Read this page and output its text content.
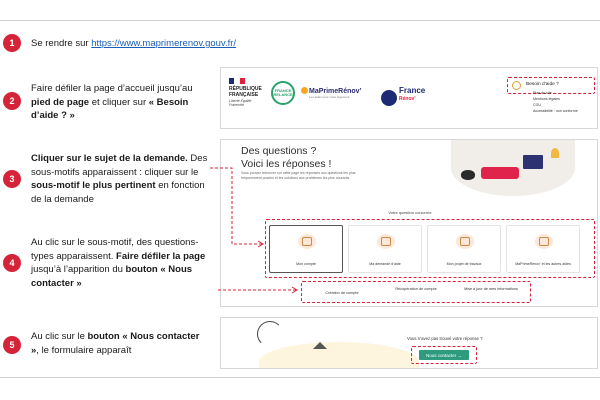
1	Se rendre sur https://www.maprimerenov.gouv.fr/
2
Faire défiler la page d’accueil jusqu’au pied de page et cliquer sur « Besoin d’aide ? »
3
Cliquer sur le sujet de la demande. Des sous-motifs apparaissent : cliquer sur le sous-motif le plus pertinent en fonction de la demande
4
Au clic sur le sous-motif, des questions-types apparaissent. Faire défiler la page jusqu’à l’apparition du bouton « Nous contacter »
5
Au clic sur le bouton « Nous contacter », le formulaire apparaît
RÉPUBLIQUE
FRANÇAISE
Liberté Égalité Fraternité
FRANCE RELANCE	MaPrimeRénov’
Les aides pour votre logement
France
Rénov’
Besoin d’aide ?
Plan du site
Mentions légales
CGU
Accessibilité : non conforme
Des questions ?
Voici les réponses !
Vous pouvez retrouver sur cette page les réponses aux questions les plus fréquemment posées et les solutions aux problèmes les plus courants.
Votre question concerne
Mon compte	Ma demande d’aide	Mon projet de travaux	MaPrimeRénov’ et les autres aides
Création de compte
Récupération de compte	Mise à jour de mes informations
Vous n’avez pas trouvé votre réponse ?
Nous contacter →
